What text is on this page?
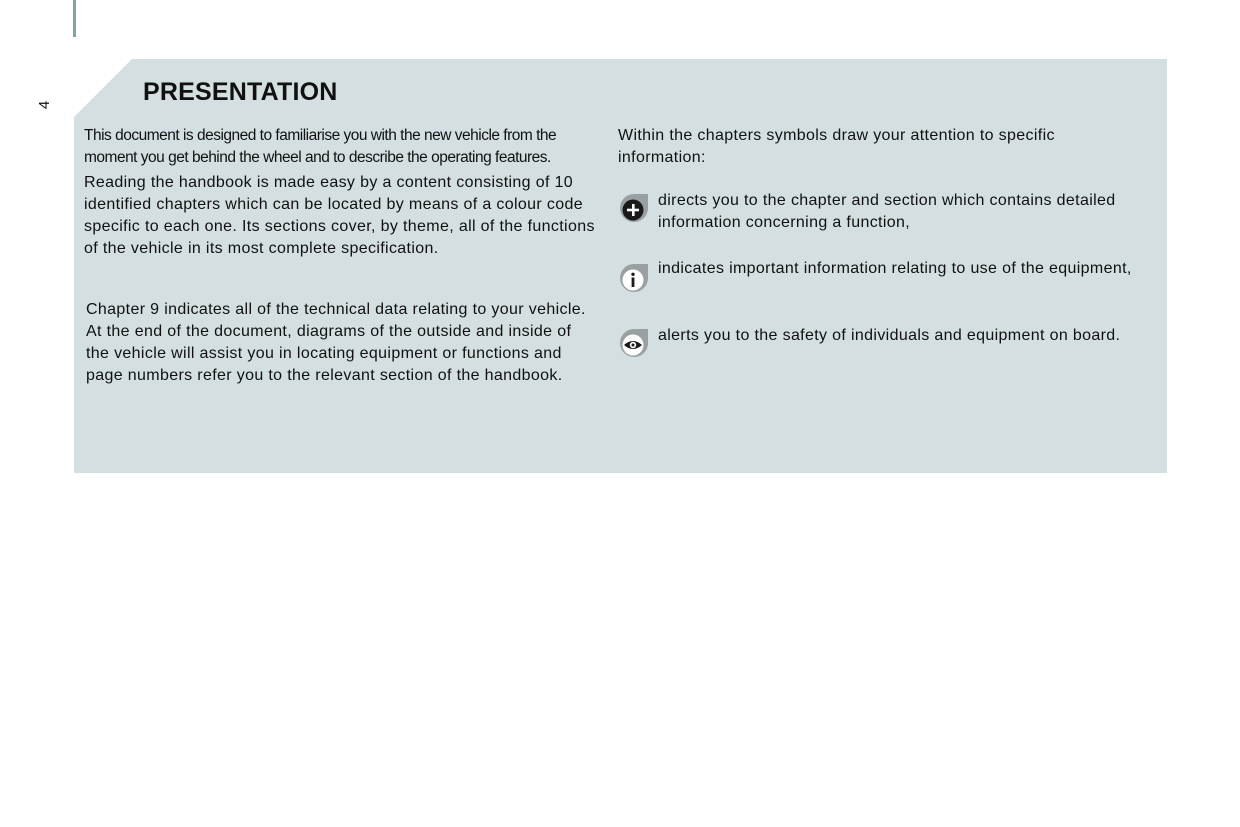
4	PRESENTATION

This document is designed to familiarise you with the new vehicle from the moment you get behind the wheel and to describe the operating features.

Reading the handbook is made easy by a content consisting of 10 identified chapters which can be located by means of a colour code specific to each one. Its sections cover, by theme, all of the functions of the vehicle in its most complete specification.

Chapter 9 indicates all of the technical data relating to your vehicle. At the end of the document, diagrams of the outside and inside of the vehicle will assist you in locating equipment or functions and page numbers refer you to the relevant section of the handbook.

Within the chapters symbols draw your attention to specific information:

directs you to the chapter and section which contains detailed information concerning a function,

indicates important information relating to use of the equipment,

alerts you to the safety of individuals and equipment on board.
